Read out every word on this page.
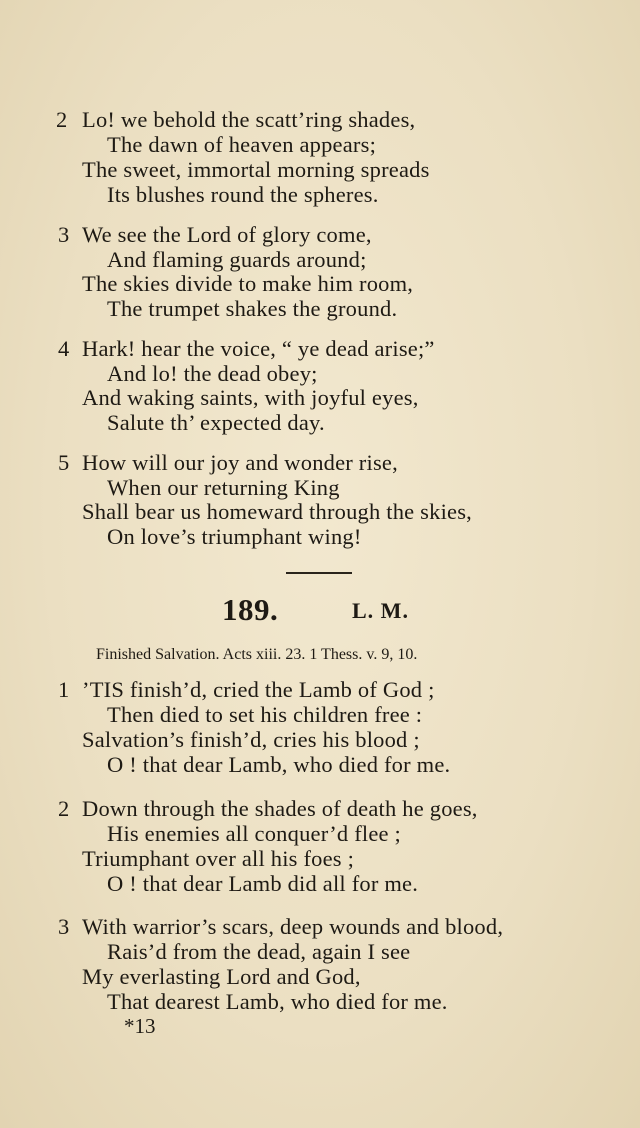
2 Lo! we behold the scatt’ring shades,
The dawn of heaven appears;
The sweet, immortal morning spreads
Its blushes round the spheres.
3 We see the Lord of glory come,
And flaming guards around;
The skies divide to make him room,
The trumpet shakes the ground.
4 Hark! hear the voice, “ ye dead arise;”
And lo! the dead obey;
And waking saints, with joyful eyes,
Salute th’ expected day.
5 How will our joy and wonder rise,
When our returning King
Shall bear us homeward through the skies,
On love’s triumphant wing!
189.	L. M.
Finished Salvation. Acts xiii. 23. 1 Thess. v. 9, 10.
1 ’TIS finish’d, cried the Lamb of God ;
Then died to set his children free :
Salvation’s finish’d, cries his blood ;
O ! that dear Lamb, who died for me.
2 Down through the shades of death he goes,
His enemies all conquer’d flee ;
Triumphant over all his foes ;
O ! that dear Lamb did all for me.
3 With warrior’s scars, deep wounds and blood,
Rais’d from the dead, again I see
My everlasting Lord and God,
That dearest Lamb, who died for me.
*13
